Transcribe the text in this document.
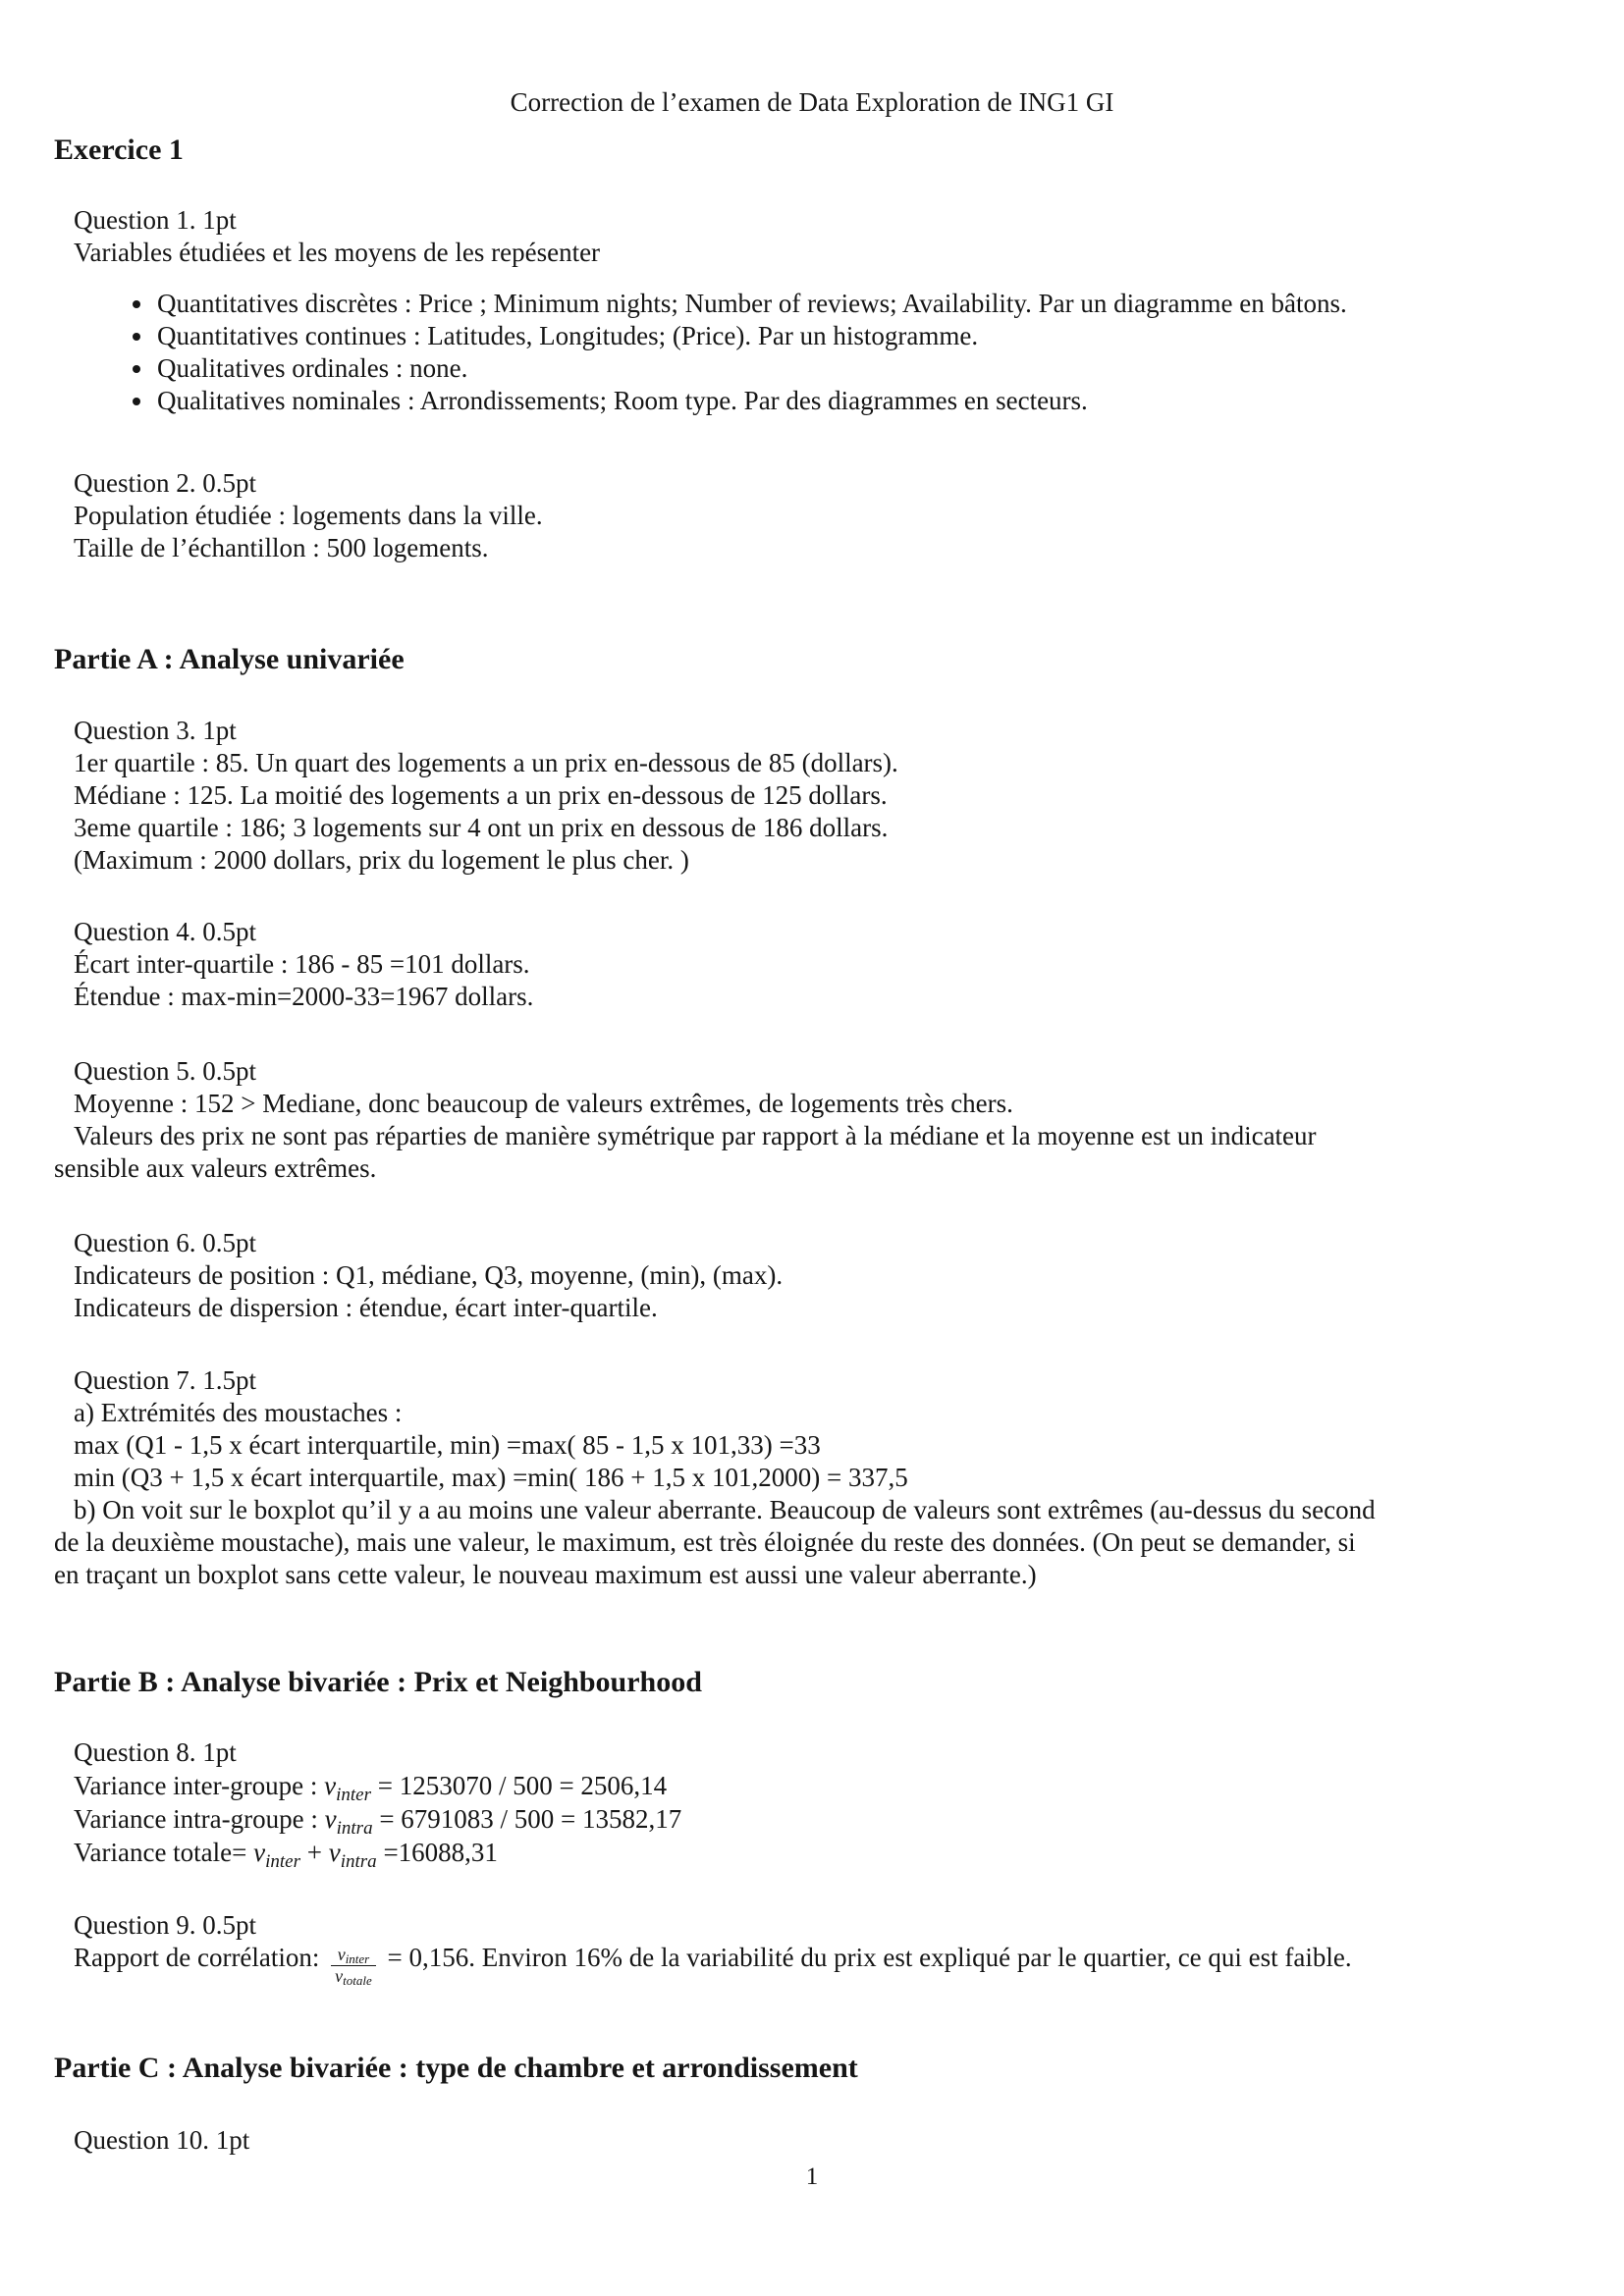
Correction de l’examen de Data Exploration de ING1 GI
Exercice 1
Question 1. 1pt
Variables étudiées et les moyens de les repésenter
• Quantitatives discrètes : Price ; Minimum nights; Number of reviews; Availability. Par un diagramme en bâtons.
• Quantitatives continues : Latitudes, Longitudes; (Price). Par un histogramme.
• Qualitatives ordinales : none.
• Qualitatives nominales : Arrondissements; Room type. Par des diagrammes en secteurs.
Question 2. 0.5pt
Population étudiée : logements dans la ville.
Taille de l’échantillon : 500 logements.
Partie A : Analyse univariée
Question 3. 1pt
1er quartile : 85. Un quart des logements a un prix en-dessous de 85 (dollars).
Médiane : 125. La moitié des logements a un prix en-dessous de 125 dollars.
3eme quartile : 186; 3 logements sur 4 ont un prix en dessous de 186 dollars.
(Maximum : 2000 dollars, prix du logement le plus cher. )
Question 4. 0.5pt
Écart inter-quartile : 186 - 85 =101 dollars.
Étendue : max-min=2000-33=1967 dollars.
Question 5. 0.5pt
Moyenne : 152 > Mediane, donc beaucoup de valeurs extrêmes, de logements très chers.
Valeurs des prix ne sont pas réparties de manière symétrique par rapport à la médiane et la moyenne est un indicateur
sensible aux valeurs extrêmes.
Question 6. 0.5pt
Indicateurs de position : Q1, médiane, Q3, moyenne, (min), (max).
Indicateurs de dispersion : étendue, écart inter-quartile.
Question 7. 1.5pt
a) Extrémités des moustaches :
max (Q1 - 1,5 x écart interquartile, min) =max( 85 - 1,5 x 101,33) =33
min (Q3 + 1,5 x écart interquartile, max) =min( 186 + 1,5 x 101,2000) = 337,5
b) On voit sur le boxplot qu’il y a au moins une valeur aberrante. Beaucoup de valeurs sont extrêmes (au-dessus du second
de la deuxième moustache), mais une valeur, le maximum, est très éloignée du reste des données. (On peut se demander, si
en traçant un boxplot sans cette valeur, le nouveau maximum est aussi une valeur aberrante.)
Partie B : Analyse bivariée : Prix et Neighbourhood
Question 8. 1pt
Variance inter-groupe : $v_{inter} = 1253070 / 500 = 2506,14$
Variance intra-groupe : $v_{intra} = 6791083 / 500 = 13582,17$
Variance totale= $v_{inter} + v_{intra} =16088,31$
Question 9. 0.5pt
Rapport de corrélation: $\frac{v_{inter}}{v_{totale}} = 0,156$. Environ 16% de la variabilité du prix est expliqué par le quartier, ce qui est faible.
Partie C : Analyse bivariée : type de chambre et arrondissement
Question 10. 1pt
1
